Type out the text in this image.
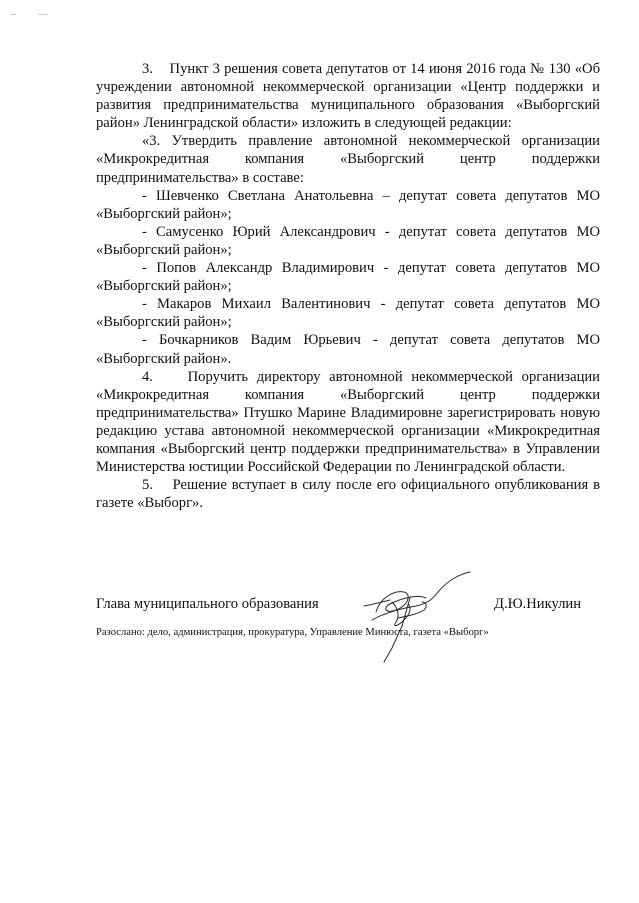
3.    Пункт 3 решения совета депутатов от 14 июня 2016 года № 130 «Об учреждении автономной некоммерческой организации «Центр поддержки и развития предпринимательства муниципального образования «Выборгский район» Ленинградской области» изложить в следующей редакции:

«3. Утвердить правление автономной некоммерческой организации «Микрокредитная компания «Выборгский центр поддержки предпринимательства» в составе:

- Шевченко Светлана Анатольевна – депутат совета депутатов МО «Выборгский район»;

- Самусенко Юрий Александрович - депутат совета депутатов МО «Выборгский район»;

- Попов Александр Владимирович - депутат совета депутатов МО «Выборгский район»;

- Макаров Михаил Валентинович - депутат совета депутатов МО «Выборгский район»;

- Бочкарников Вадим Юрьевич - депутат совета депутатов МО «Выборгский район».

4.    Поручить директору автономной некоммерческой организации «Микрокредитная компания «Выборгский центр поддержки предпринимательства» Птушко Марине Владимировне зарегистрировать новую редакцию устава автономной некоммерческой организации «Микрокредитная компания «Выборгский центр поддержки предпринимательства» в Управлении Министерства юстиции Российской Федерации по Ленинградской области.

5.    Решение вступает в силу после его официального опубликования в газете «Выборг».

Глава муниципального образования	Д.Ю.Никулин
Разослано: дело, администрация, прокуратура, Управление Минюста, газета «Выборг»
